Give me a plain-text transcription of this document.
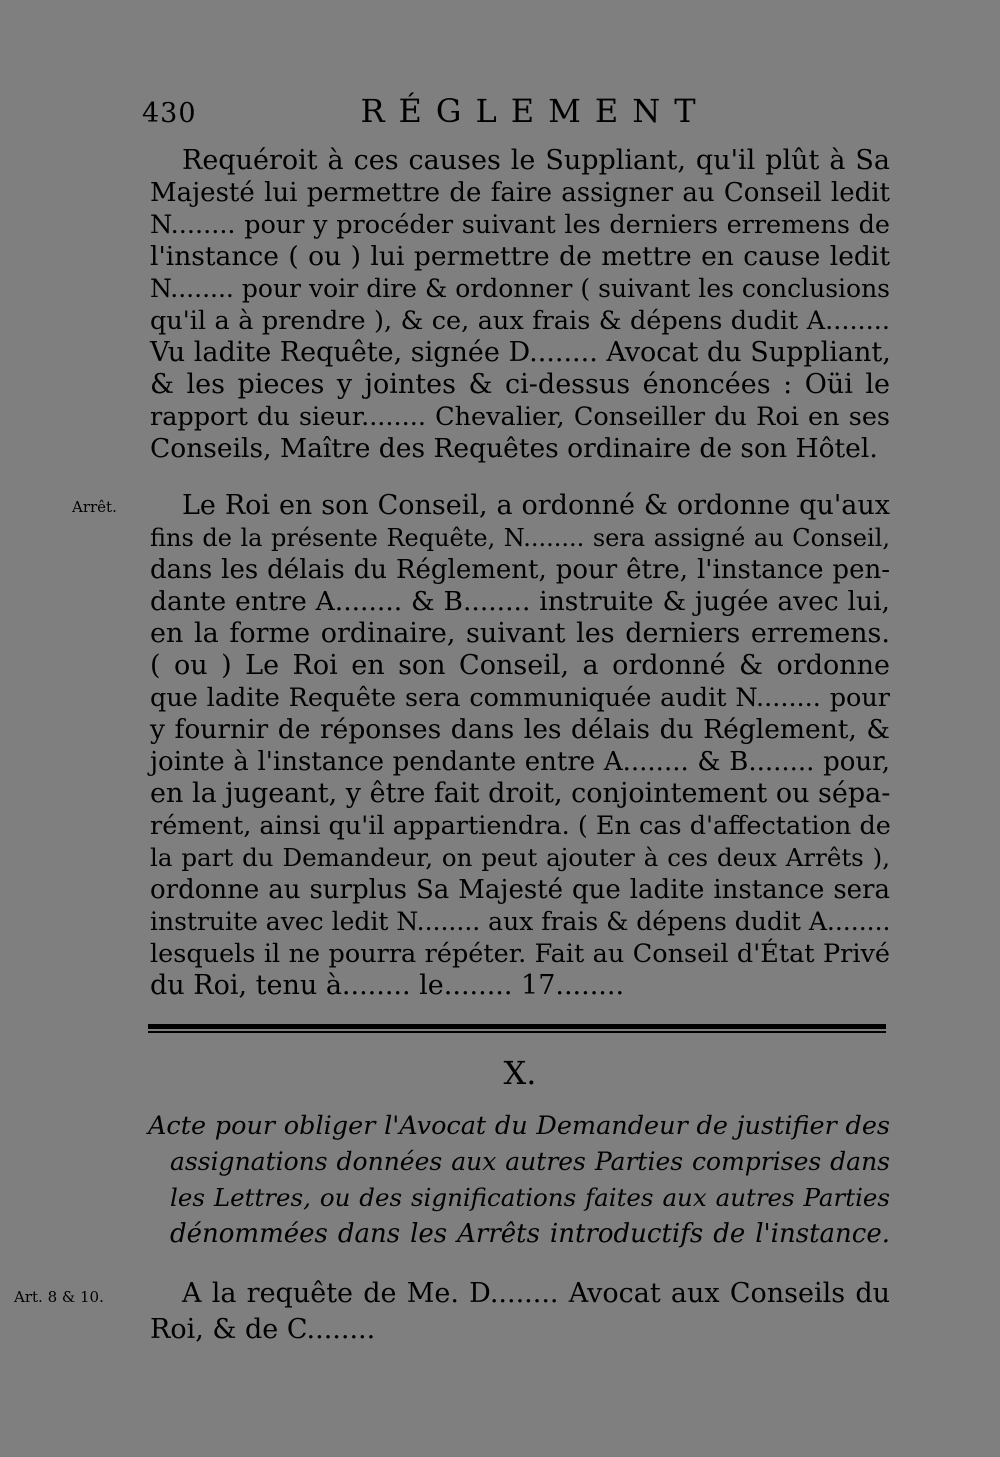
430	RÉGLEMENT
Requéroit à ces causes le Suppliant, qu'il plût à Sa
Majesté lui permettre de faire assigner au Conseil ledit
N........ pour y procéder suivant les derniers erremens de
l'instance ( ou ) lui permettre de mettre en cause ledit
N........ pour voir dire & ordonner ( suivant les conclusions
qu'il a à prendre ), & ce, aux frais & dépens dudit A........
Vu ladite Requête, signée D........ Avocat du Suppliant,
& les pieces y jointes & ci-dessus énoncées : Oüi le
rapport du sieur........ Chevalier, Conseiller du Roi en ses
Conseils, Maître des Requêtes ordinaire de son Hôtel.
Arrêt.	Le Roi en son Conseil, a ordonné & ordonne qu'aux
fins de la présente Requête, N........ sera assigné au Conseil,
dans les délais du Réglement, pour être, l'instance pen-
dante entre A........ & B........ instruite & jugée avec lui,
en la forme ordinaire, suivant les derniers erremens.
( ou ) Le Roi en son Conseil, a ordonné & ordonne
que ladite Requête sera communiquée audit N........ pour
y fournir de réponses dans les délais du Réglement, &
jointe à l'instance pendante entre A........ & B........ pour,
en la jugeant, y être fait droit, conjointement ou sépa-
rément, ainsi qu'il appartiendra. ( En cas d'affectation de
la part du Demandeur, on peut ajouter à ces deux Arrêts ),
ordonne au surplus Sa Majesté que ladite instance sera
instruite avec ledit N........ aux frais & dépens dudit A........
lesquels il ne pourra répéter. Fait au Conseil d'État Privé
du Roi, tenu à........ le........ 17........
X.
Acte pour obliger l'Avocat du Demandeur de justifier des
assignations données aux autres Parties comprises dans
les Lettres, ou des significations faites aux autres Parties
dénommées dans les Arrêts introductifs de l'instance.
Art. 8 & 10.	A la requête de Me. D........ Avocat aux Conseils du
Roi, & de C........
